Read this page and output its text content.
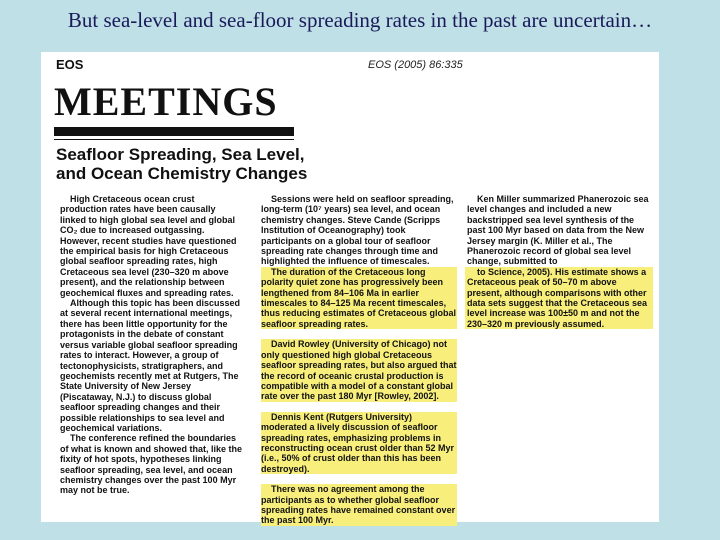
But sea-level and sea-floor spreading rates in the past are uncertain…
EOS	EOS (2005) 86:335
MEETINGS
Seafloor Spreading, Sea Level,
and Ocean Chemistry Changes

High Cretaceous ocean crust production rates have been causally linked to high global sea level and global CO₂ due to increased outgassing. However, recent studies have questioned the empirical basis for high Cretaceous global seafloor spreading rates, high Cretaceous sea level (230–320 m above present), and the relationship between geochemical fluxes and spreading rates.

Although this topic has been discussed at several recent international meetings, there has been little opportunity for the protagonists in the debate of constant versus variable global seafloor spreading rates to interact. However, a group of tectonophysicists, stratigraphers, and geochemists recently met at Rutgers, The State University of New Jersey (Piscataway, N.J.) to discuss global seafloor spreading changes and their possible relationships to sea level and geochemical variations.

The conference refined the boundaries of what is known and showed that, like the fixity of hot spots, hypotheses linking seafloor spreading, sea level, and ocean chemistry changes over the past 100 Myr may not be true.

Sessions were held on seafloor spreading, long-term (10⁷ years) sea level, and ocean chemistry changes. Steve Cande (Scripps Institution of Oceanography) took participants on a global tour of seafloor spreading rate changes through time and highlighted the influence of timescales.
The duration of the Cretaceous long polarity quiet zone has progressively been lengthened from 84–106 Ma in earlier timescales to 84–125 Ma recent timescales, thus reducing estimates of Cretaceous global seafloor spreading rates.

David Rowley (University of Chicago) not only questioned high global Cretaceous seafloor spreading rates, but also argued that the record of oceanic crustal production is compatible with a model of a constant global rate over the past 180 Myr [Rowley, 2002].

Dennis Kent (Rutgers University) moderated a lively discussion of seafloor spreading rates, emphasizing problems in reconstructing ocean crust older than 52 Myr (i.e., 50% of crust older than this has been destroyed).

There was no agreement among the participants as to whether global seafloor spreading rates have remained constant over the past 100 Myr.

Ken Miller summarized Phanerozoic sea level changes and included a new backstripped sea level synthesis of the past 100 Myr based on data from the New Jersey margin (K. Miller et al., The Phanerozoic record of global sea level change, submitted to
to Science, 2005). His estimate shows a Cretaceous peak of 50–70 m above present, although comparisons with other data sets suggest that the Cretaceous sea level increase was 100±50 m and not the 230–320 m previously assumed.
